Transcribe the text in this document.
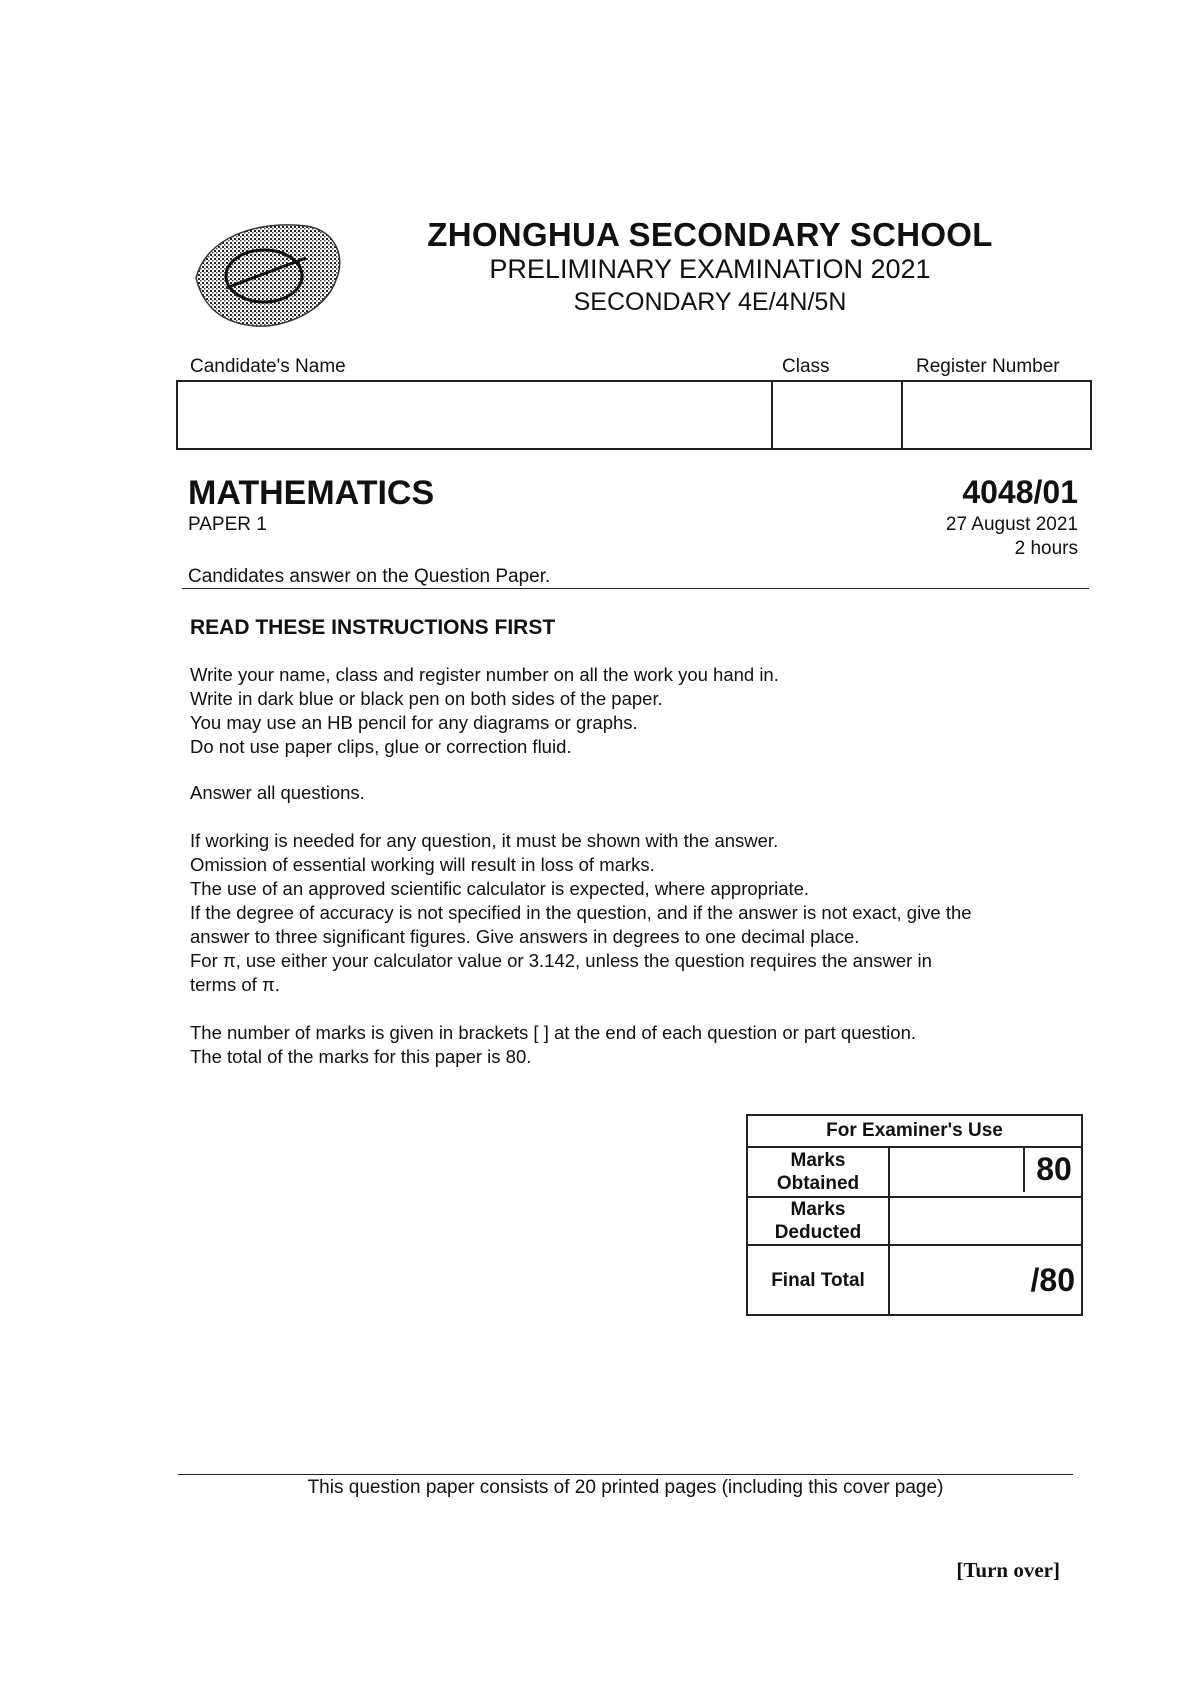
ZHONGHUA SECONDARY SCHOOL
PRELIMINARY EXAMINATION 2021
SECONDARY 4E/4N/5N
Candidate's Name	Class	Register Number
MATHEMATICS
PAPER 1
4048/01
27 August 2021
2 hours
Candidates answer on the Question Paper.
READ THESE INSTRUCTIONS FIRST
Write your name, class and register number on all the work you hand in.
Write in dark blue or black pen on both sides of the paper.
You may use an HB pencil for any diagrams or graphs.
Do not use paper clips, glue or correction fluid.
Answer all questions.
If working is needed for any question, it must be shown with the answer.
Omission of essential working will result in loss of marks.
The use of an approved scientific calculator is expected, where appropriate.
If the degree of accuracy is not specified in the question, and if the answer is not exact, give the
answer to three significant figures. Give answers in degrees to one decimal place.
For π, use either your calculator value or 3.142, unless the question requires the answer in
terms of π.
The number of marks is given in brackets [ ] at the end of each question or part question.
The total of the marks for this paper is 80.
For Examiner's Use	

Marks
Obtained	80

Marks
Deducted	

Final Total	/80
This question paper consists of 20 printed pages (including this cover page)
[Turn over]
